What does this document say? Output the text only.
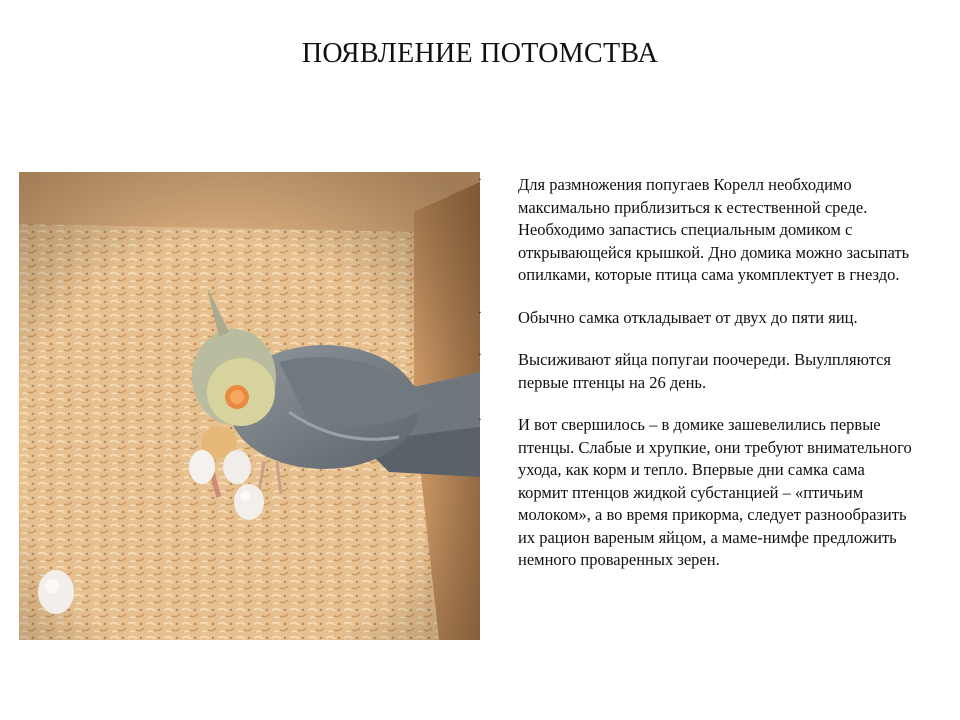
ПОЯВЛЕНИЕ ПОТОМСТВА
· Для размножения попугаев Корелл необходимо максимально приблизиться к естественной среде. Необходимо запастись специальным домиком с открывающейся крышкой. Дно домика можно засыпать опилками, которые птица сама укомплектует в гнездо.
· Обычно самка откладывает от двух до пяти яиц.
· Высиживают яйца попугаи поочереди. Выулпляются первые птенцы на 26 день.
· И вот свершилось – в домике зашевелились первые птенцы. Слабые и хрупкие, они требуют внимательного ухода, как корм и тепло. Впервые дни самка сама кормит птенцов жидкой субстанцией – «птичьим молоком», а во время прикорма, следует разнообразить их рацион вареным яйцом, а маме-нимфе предложить немного проваренных зерен.
